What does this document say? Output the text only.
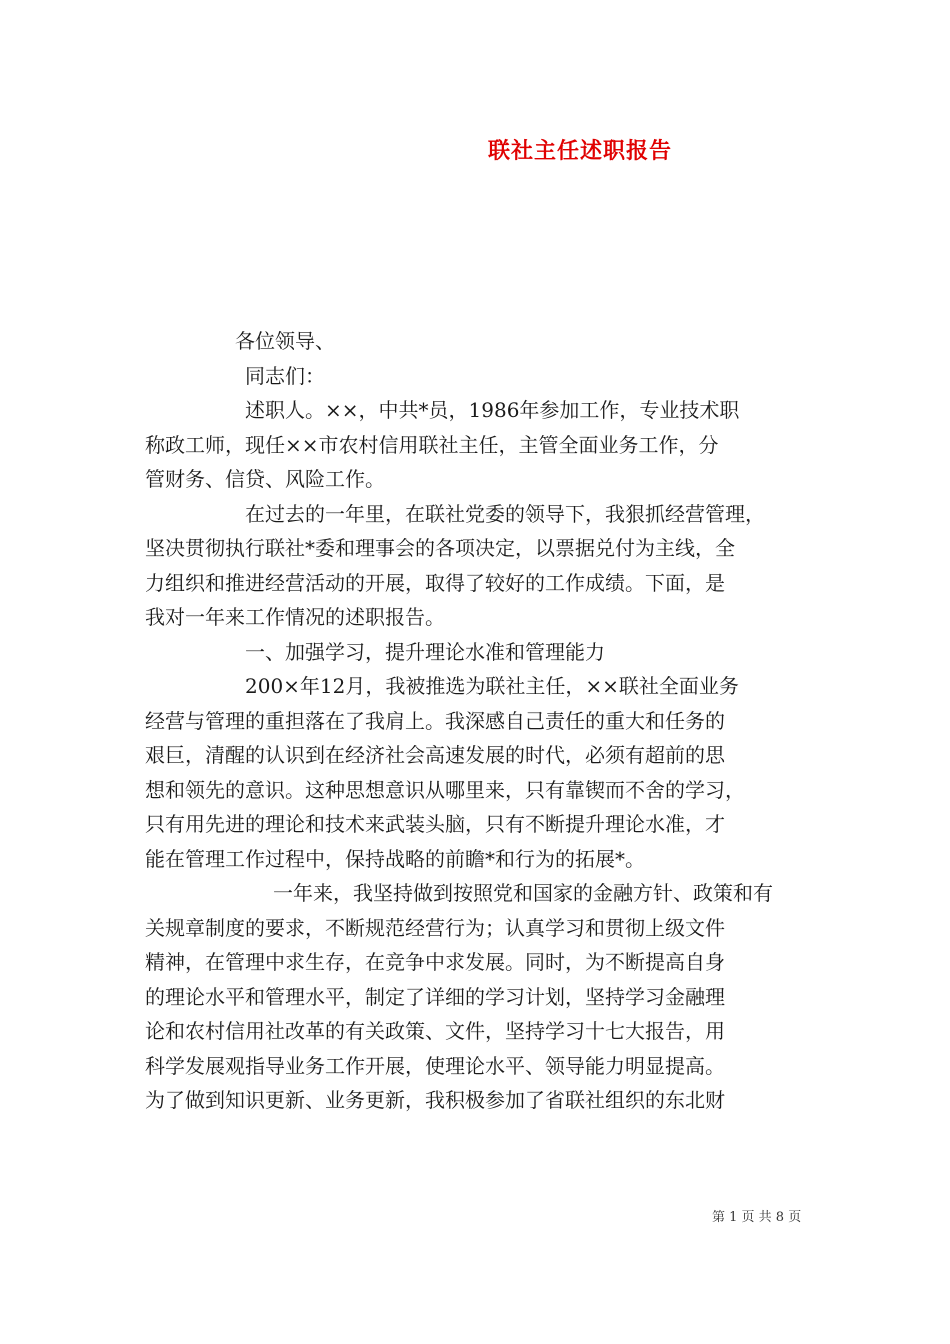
联社主任述职报告
各位领导、
同志们：
述职人。××，中共*员，1986年参加工作，专业技术职
称政工师，现任××市农村信用联社主任，主管全面业务工作，分
管财务、信贷、风险工作。
在过去的一年里，在联社党委的领导下，我狠抓经营管理，
坚决贯彻执行联社*委和理事会的各项决定，以票据兑付为主线，全
力组织和推进经营活动的开展，取得了较好的工作成绩。下面，是
我对一年来工作情况的述职报告。
一、加强学习，提升理论水准和管理能力
200×年12月，我被推选为联社主任，××联社全面业务
经营与管理的重担落在了我肩上。我深感自己责任的重大和任务的
艰巨，清醒的认识到在经济社会高速发展的时代，必须有超前的思
想和领先的意识。这种思想意识从哪里来，只有靠锲而不舍的学习，
只有用先进的理论和技术来武装头脑，只有不断提升理论水准，才
能在管理工作过程中，保持战略的前瞻*和行为的拓展*。
一年来，我坚持做到按照党和国家的金融方针、政策和有
关规章制度的要求，不断规范经营行为；认真学习和贯彻上级文件
精神，在管理中求生存，在竞争中求发展。同时，为不断提高自身
的理论水平和管理水平，制定了详细的学习计划，坚持学习金融理
论和农村信用社改革的有关政策、文件，坚持学习十七大报告，用
科学发展观指导业务工作开展，使理论水平、领导能力明显提高。
为了做到知识更新、业务更新，我积极参加了省联社组织的东北财
第 1 页 共 8 页
